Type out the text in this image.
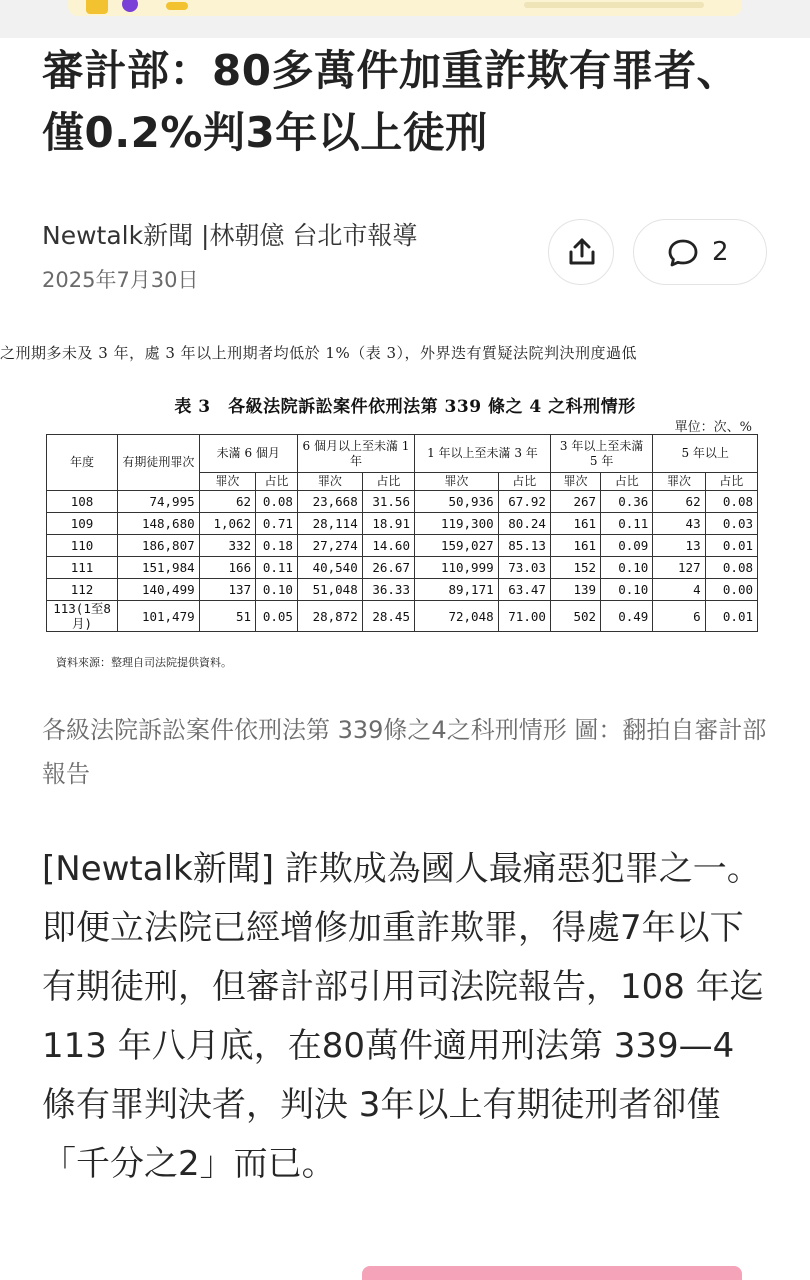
審計部：80多萬件加重詐欺有罪者、僅0.2%判3年以上徒刑
Newtalk新聞 |林朝億 台北市報導
2025年7月30日
2
之刑期多未及 3 年，處 3 年以上刑期者均低於 1%（表 3），外界迭有質疑法院判決刑度過低
表 3　各級法院訴訟案件依刑法第 339 條之 4 之科刑情形
單位：次、%
年度	有期徒刑罪次	未滿 6 個月		6 個月以上至未滿 1 年		1 年以上至未滿 3 年		3 年以上至未滿 5 年		5 年以上	
		罪次	占比	罪次	占比	罪次	占比	罪次	占比	罪次	占比
108	74,995	62	0.08	23,668	31.56	50,936	67.92	267	0.36	62	0.08
109	148,680	1,062	0.71	28,114	18.91	119,300	80.24	161	0.11	43	0.03
110	186,807	332	0.18	27,274	14.60	159,027	85.13	161	0.09	13	0.01
111	151,984	166	0.11	40,540	26.67	110,999	73.03	152	0.10	127	0.08
112	140,499	137	0.10	51,048	36.33	89,171	63.47	139	0.10	4	0.00
113(1至8月)	101,479	51	0.05	28,872	28.45	72,048	71.00	502	0.49	6	0.01
資料來源：整理自司法院提供資料。

各級法院訴訟案件依刑法第 339條之4之科刑情形 圖：翻拍自審計部報告

[Newtalk新聞] 詐欺成為國人最痛惡犯罪之一。即便立法院已經增修加重詐欺罪，得處7年以下有期徒刑，但審計部引用司法院報告，108 年迄 113 年八月底，在80萬件適用刑法第 339—4 條有罪判決者，判決 3年以上有期徒刑者卻僅「千分之2」而已。
